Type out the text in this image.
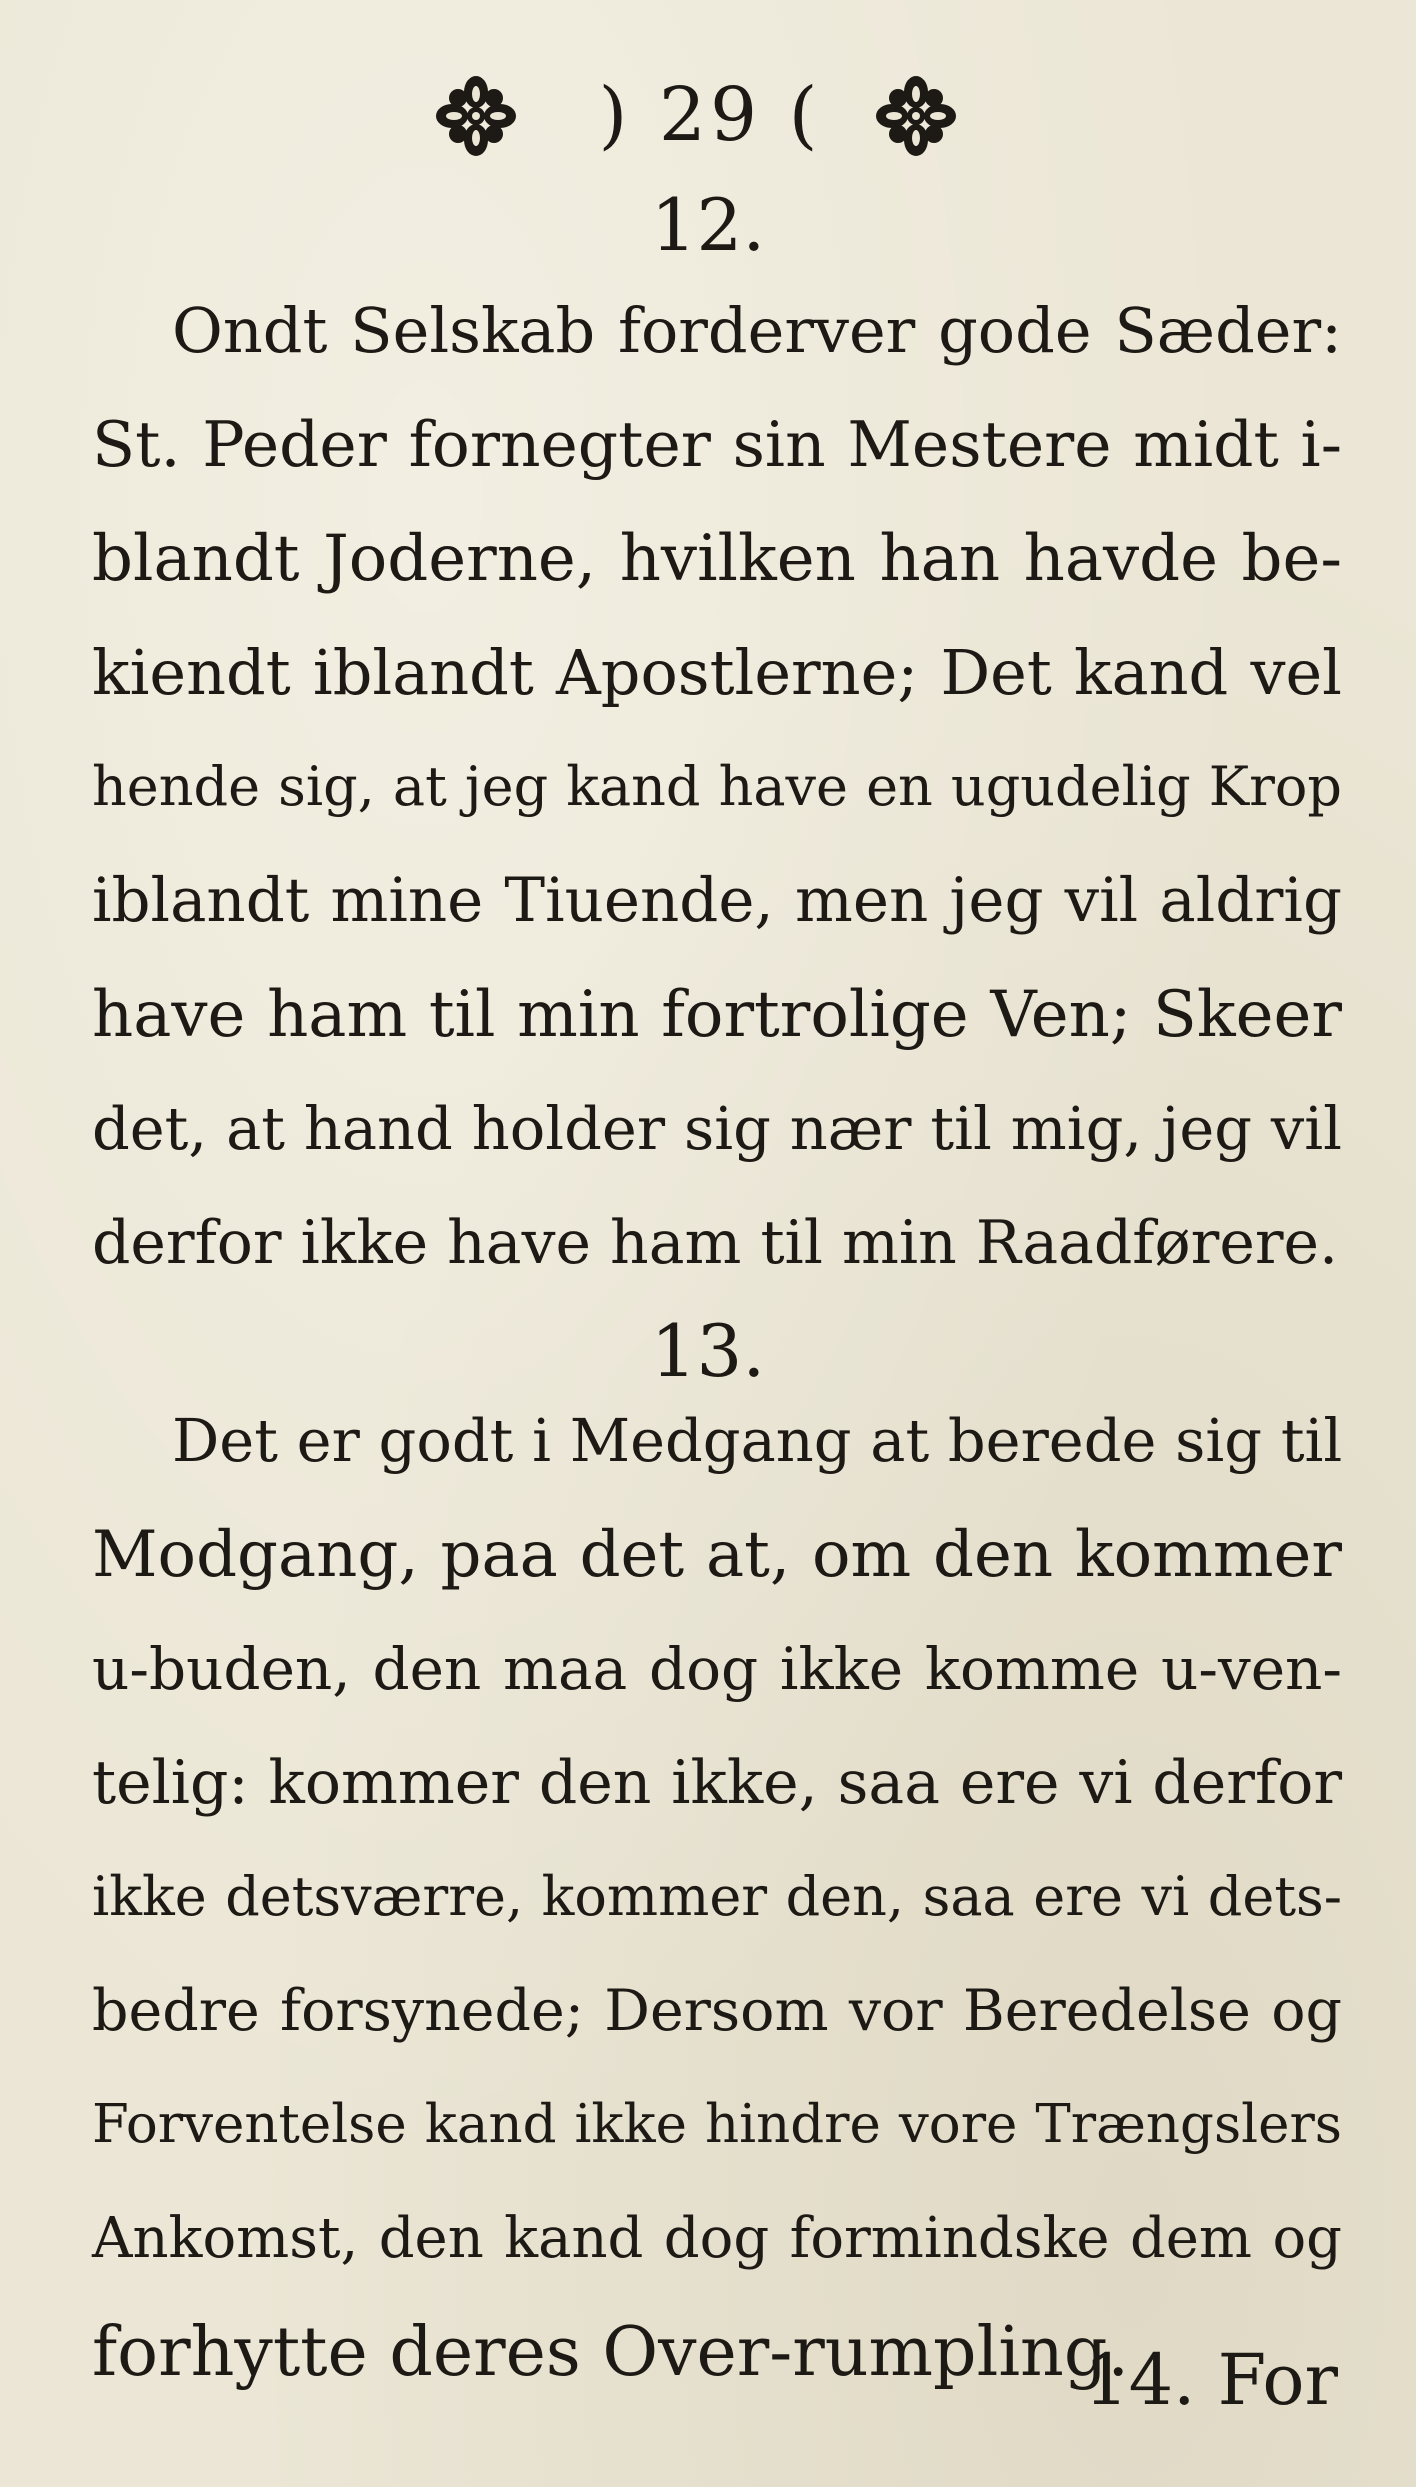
) 29 (
12.
Ondt Selskab forderver gode Sæder:
St. Peder fornegter sin Mestere midt i-
blandt Joderne, hvilken han havde be-
kiendt iblandt Apostlerne; Det kand vel
hende sig, at jeg kand have en ugudelig Krop
iblandt mine Tiuende, men jeg vil aldrig
have ham til min fortrolige Ven; Skeer
det, at hand holder sig nær til mig, jeg vil
derfor ikke have ham til min Raadførere.
13.
Det er godt i Medgang at berede sig til
Modgang, paa det at, om den kommer
u-buden, den maa dog ikke komme u-ven-
telig: kommer den ikke, saa ere vi derfor
ikke detsværre, kommer den, saa ere vi dets-
bedre forsynede; Dersom vor Beredelse og
Forventelse kand ikke hindre vore Trængslers
Ankomst, den kand dog formindske dem og
forhytte deres Over-rumpling.
14. For
